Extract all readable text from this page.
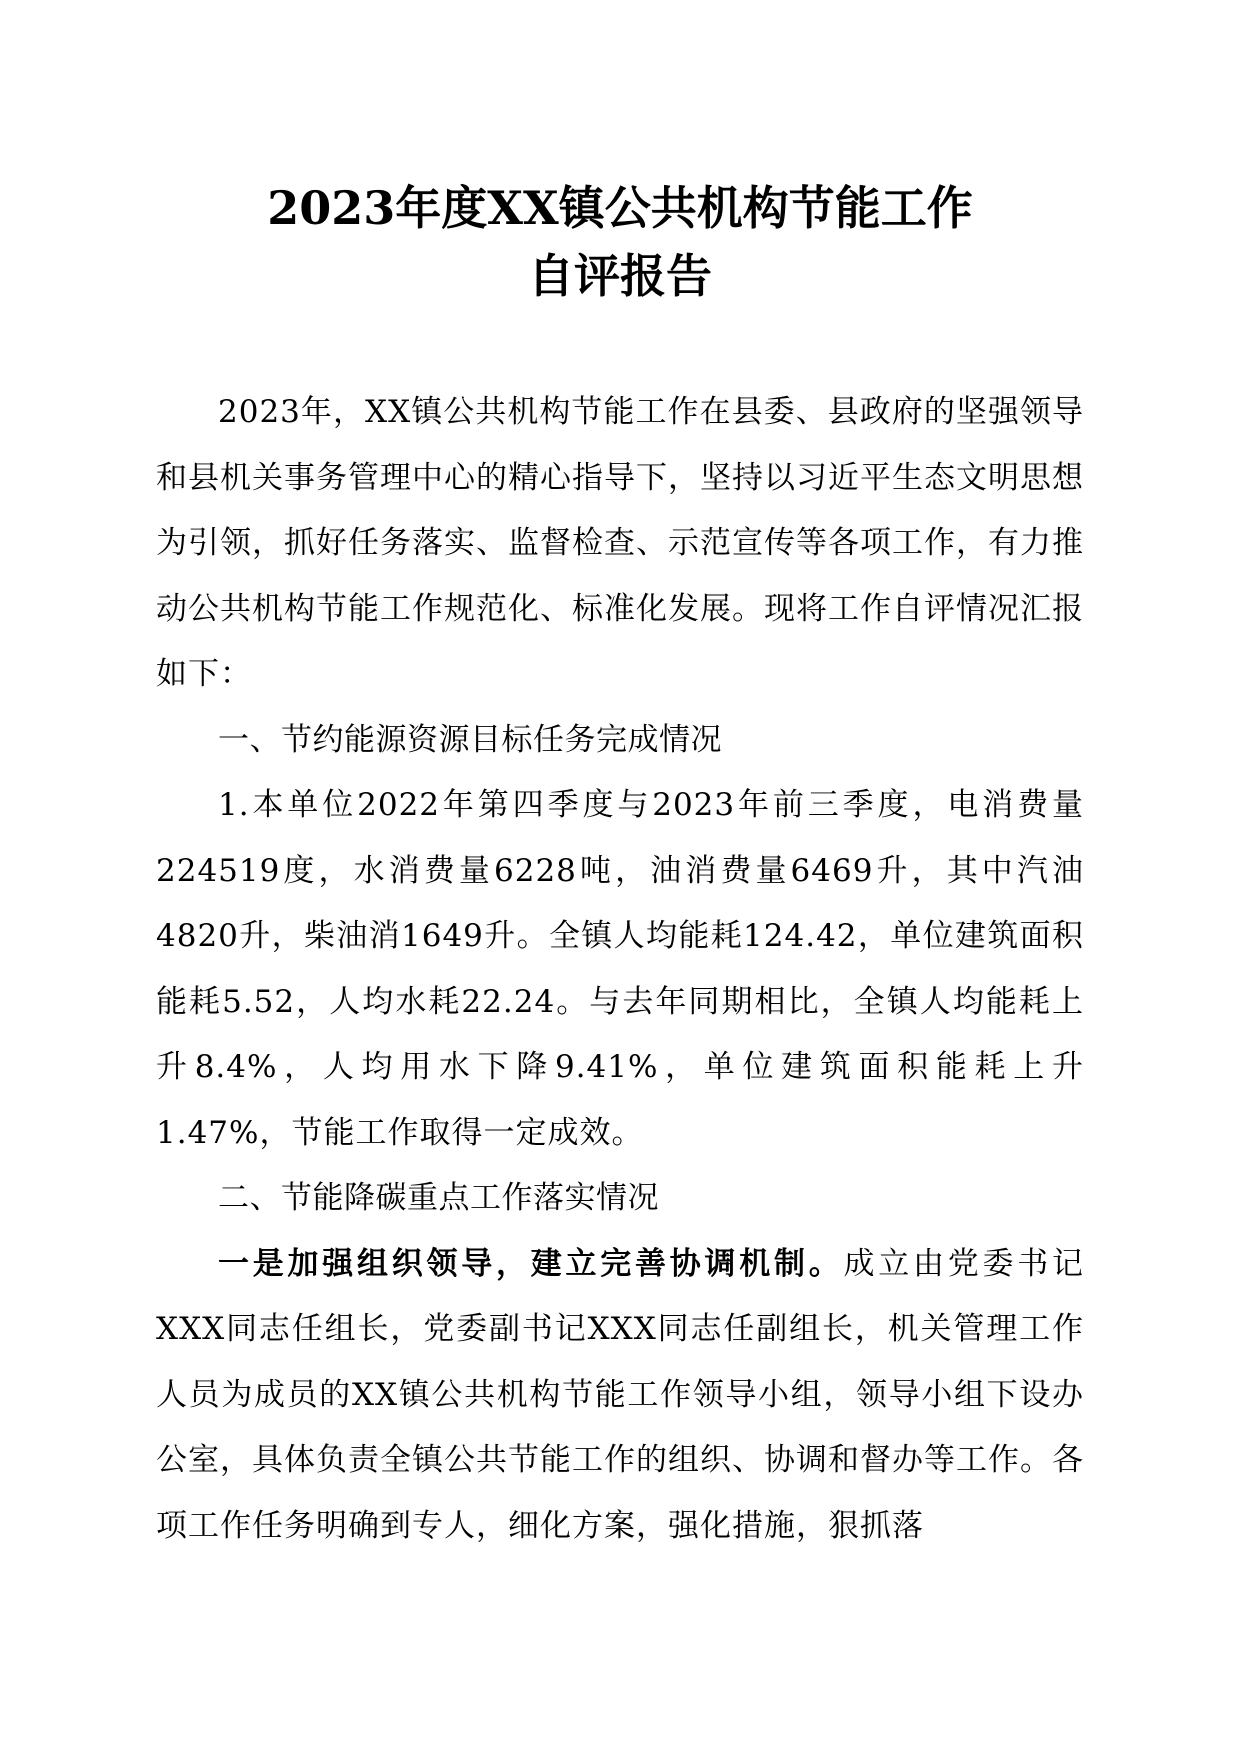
2023年度XX镇公共机构节能工作
自评报告

2023年，XX镇公共机构节能工作在县委、县政府的坚强领导和县机关事务管理中心的精心指导下，坚持以习近平生态文明思想为引领，抓好任务落实、监督检查、示范宣传等各项工作，有力推动公共机构节能工作规范化、标准化发展。现将工作自评情况汇报如下：

一、节约能源资源目标任务完成情况

1.本单位2022年第四季度与2023年前三季度，电消费量224519度，水消费量6228吨，油消费量6469升，其中汽油4820升，柴油消1649升。全镇人均能耗124.42，单位建筑面积能耗5.52，人均水耗22.24。与去年同期相比，全镇人均能耗上升8.4%，人均用水下降9.41%，单位建筑面积能耗上升1.47%，节能工作取得一定成效。

二、节能降碳重点工作落实情况

一是加强组织领导，建立完善协调机制。成立由党委书记XXX同志任组长，党委副书记XXX同志任副组长，机关管理工作人员为成员的XX镇公共机构节能工作领导小组，领导小组下设办公室，具体负责全镇公共节能工作的组织、协调和督办等工作。各项工作任务明确到专人，细化方案，强化措施，狠抓落
